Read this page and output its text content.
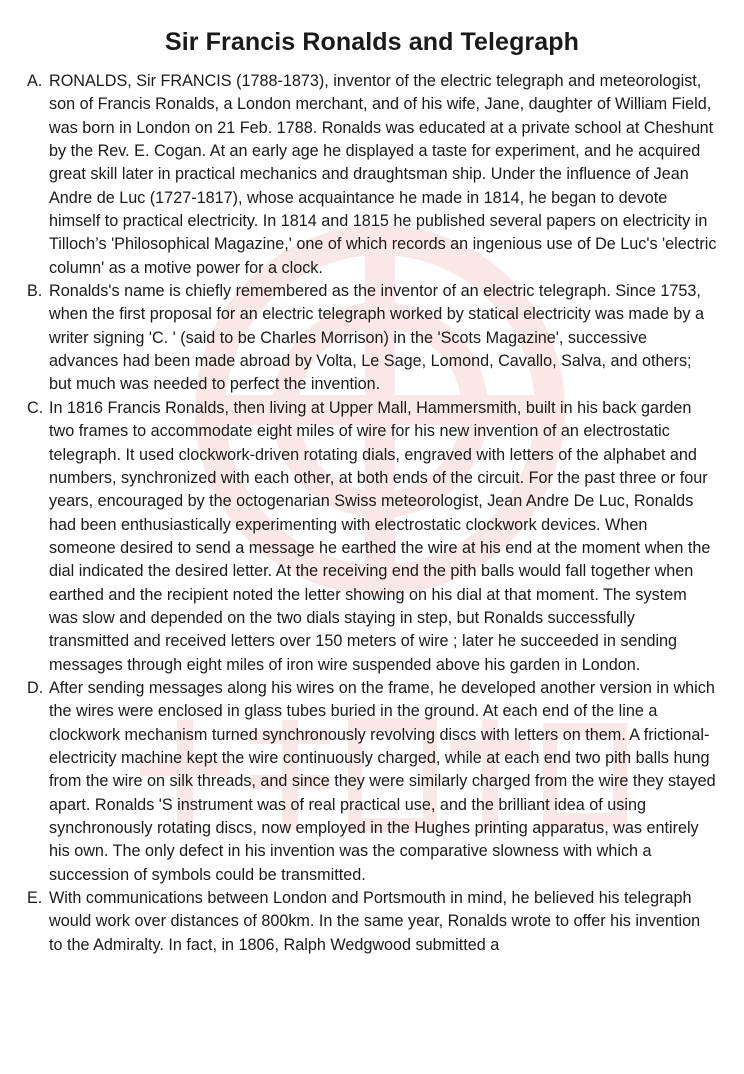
Sir Francis Ronalds and Telegraph
A. RONALDS, Sir FRANCIS (1788-1873), inventor of the electric telegraph and meteorologist, son of Francis Ronalds, a London merchant, and of his wife, Jane, daughter of William Field, was born in London on 21 Feb. 1788. Ronalds was educated at a private school at Cheshunt by the Rev. E. Cogan. At an early age he displayed a taste for experiment, and he acquired great skill later in practical mechanics and draughtsman ship. Under the influence of Jean Andre de Luc (1727-1817), whose acquaintance he made in 1814, he began to devote himself to practical electricity. In 1814 and 1815 he published several papers on electricity in Tilloch’s 'Philosophical Magazine,' one of which records an ingenious use of De Luc's 'electric column' as a motive power for a clock.
B. Ronalds's name is chiefly remembered as the inventor of an electric telegraph. Since 1753, when the first proposal for an electric telegraph worked by statical electricity was made by a writer signing 'C. ' (said to be Charles Morrison) in the 'Scots Magazine', successive advances had been made abroad by Volta, Le Sage, Lomond, Cavallo, Salva, and others; but much was needed to perfect the invention.
C. In 1816 Francis Ronalds, then living at Upper Mall, Hammersmith, built in his back garden two frames to accommodate eight miles of wire for his new invention of an electrostatic telegraph. It used clockwork-driven rotating dials, engraved with letters of the alphabet and numbers, synchronized with each other, at both ends of the circuit. For the past three or four years, encouraged by the octogenarian Swiss meteorologist, Jean Andre De Luc, Ronalds had been enthusiastically experimenting with electrostatic clockwork devices. When someone desired to send a message he earthed the wire at his end at the moment when the dial indicated the desired letter. At the receiving end the pith balls would fall together when earthed and the recipient noted the letter showing on his dial at that moment. The system was slow and depended on the two dials staying in step, but Ronalds successfully transmitted and received letters over 150 meters of wire ; later he succeeded in sending messages through eight miles of iron wire suspended above his garden in London.
D. After sending messages along his wires on the frame, he developed another version in which the wires were enclosed in glass tubes buried in the ground. At each end of the line a clockwork mechanism turned synchronously revolving discs with letters on them. A frictional-electricity machine kept the wire continuously charged, while at each end two pith balls hung from the wire on silk threads, and since they were similarly charged from the wire they stayed apart. Ronalds 'S instrument was of real practical use, and the brilliant idea of using synchronously rotating discs, now employed in the Hughes printing apparatus, was entirely his own. The only defect in his invention was the comparative slowness with which a succession of symbols could be transmitted.
E. With communications between London and Portsmouth in mind, he believed his telegraph would work over distances of 800km. In the same year, Ronalds wrote to offer his invention to the Admiralty. In fact, in 1806, Ralph Wedgwood submitted a
